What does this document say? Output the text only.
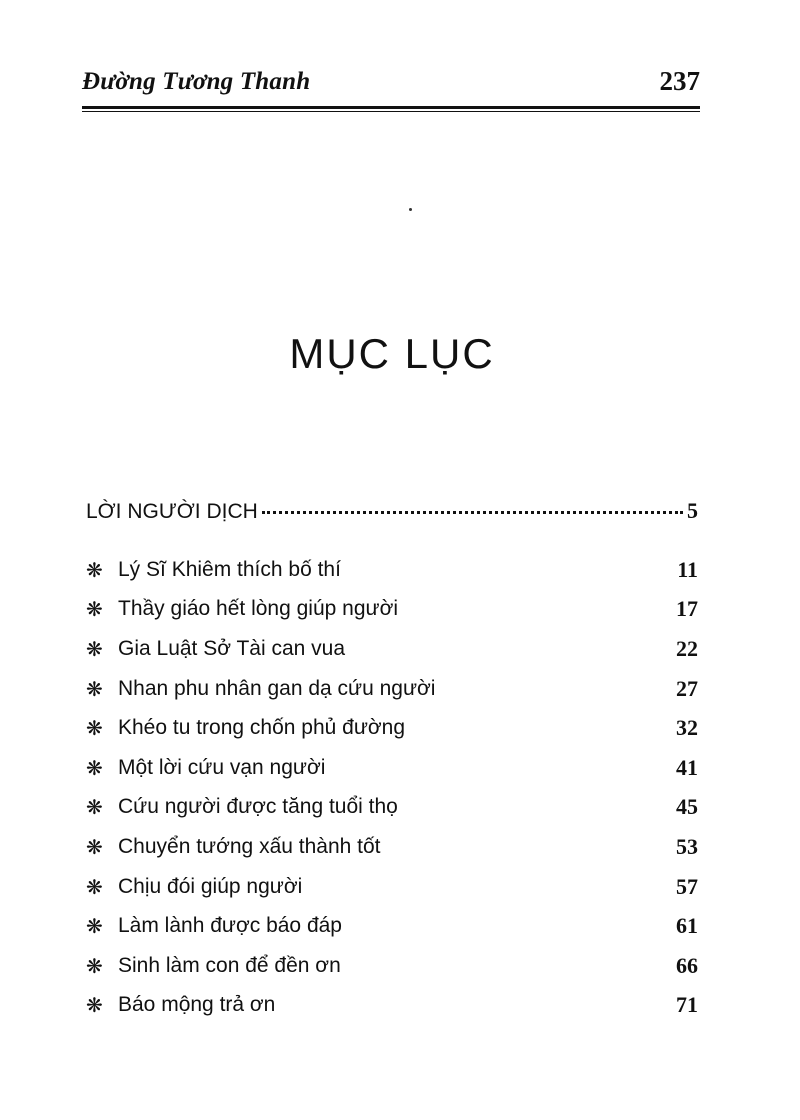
Đường Tương Thanh	237
MỤC LỤC
LỜI NGƯỜI DỊCH	5
❋ Lý Sĩ Khiêm thích bố thí	11
❋ Thầy giáo hết lòng giúp người	17
❋ Gia Luật Sở Tài can vua	22
❋ Nhan phu nhân gan dạ cứu người	27
❋ Khéo tu trong chốn phủ đường	32
❋ Một lời cứu vạn người	41
❋ Cứu người được tăng tuổi thọ	45
❋ Chuyển tướng xấu thành tốt	53
❋ Chịu đói giúp người	57
❋ Làm lành được báo đáp	61
❋ Sinh làm con để đền ơn	66
❋ Báo mộng trả ơn	71
